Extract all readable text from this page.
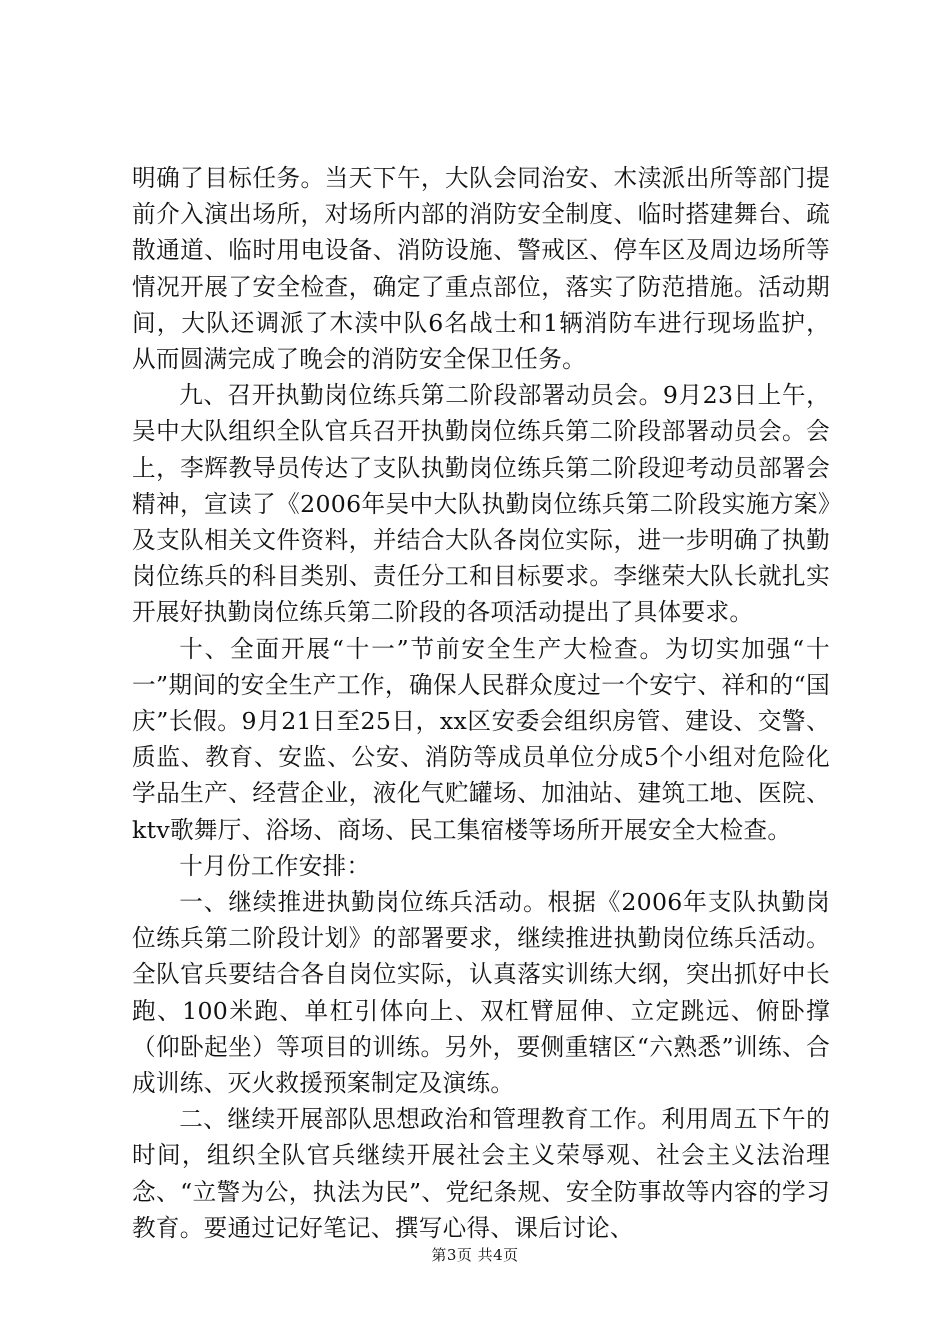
明确了目标任务。当天下午，大队会同治安、木渎派出所等部门提前介入演出场所，对场所内部的消防安全制度、临时搭建舞台、疏散通道、临时用电设备、消防设施、警戒区、停车区及周边场所等情况开展了安全检查，确定了重点部位，落实了防范措施。活动期间，大队还调派了木渎中队6名战士和1辆消防车进行现场监护，从而圆满完成了晚会的消防安全保卫任务。

九、召开执勤岗位练兵第二阶段部署动员会。9月23日上午，吴中大队组织全队官兵召开执勤岗位练兵第二阶段部署动员会。会上，李辉教导员传达了支队执勤岗位练兵第二阶段迎考动员部署会精神，宣读了《2006年吴中大队执勤岗位练兵第二阶段实施方案》及支队相关文件资料，并结合大队各岗位实际，进一步明确了执勤岗位练兵的科目类别、责任分工和目标要求。李继荣大队长就扎实开展好执勤岗位练兵第二阶段的各项活动提出了具体要求。

十、全面开展“十一”节前安全生产大检查。为切实加强“十一”期间的安全生产工作，确保人民群众度过一个安宁、祥和的“国庆”长假。9月21日至25日，xx区安委会组织房管、建设、交警、质监、教育、安监、公安、消防等成员单位分成5个小组对危险化学品生产、经营企业，液化气贮罐场、加油站、建筑工地、医院、ktv歌舞厅、浴场、商场、民工集宿楼等场所开展安全大检查。

十月份工作安排：

一、继续推进执勤岗位练兵活动。根据《2006年支队执勤岗位练兵第二阶段计划》的部署要求，继续推进执勤岗位练兵活动。全队官兵要结合各自岗位实际，认真落实训练大纲，突出抓好中长跑、100米跑、单杠引体向上、双杠臂屈伸、立定跳远、俯卧撑（仰卧起坐）等项目的训练。另外，要侧重辖区“六熟悉”训练、合成训练、灭火救援预案制定及演练。

二、继续开展部队思想政治和管理教育工作。利用周五下午的时间，组织全队官兵继续开展社会主义荣辱观、社会主义法治理念、“立警为公，执法为民”、党纪条规、安全防事故等内容的学习教育。要通过记好笔记、撰写心得、课后讨论、

第3页 共4页
